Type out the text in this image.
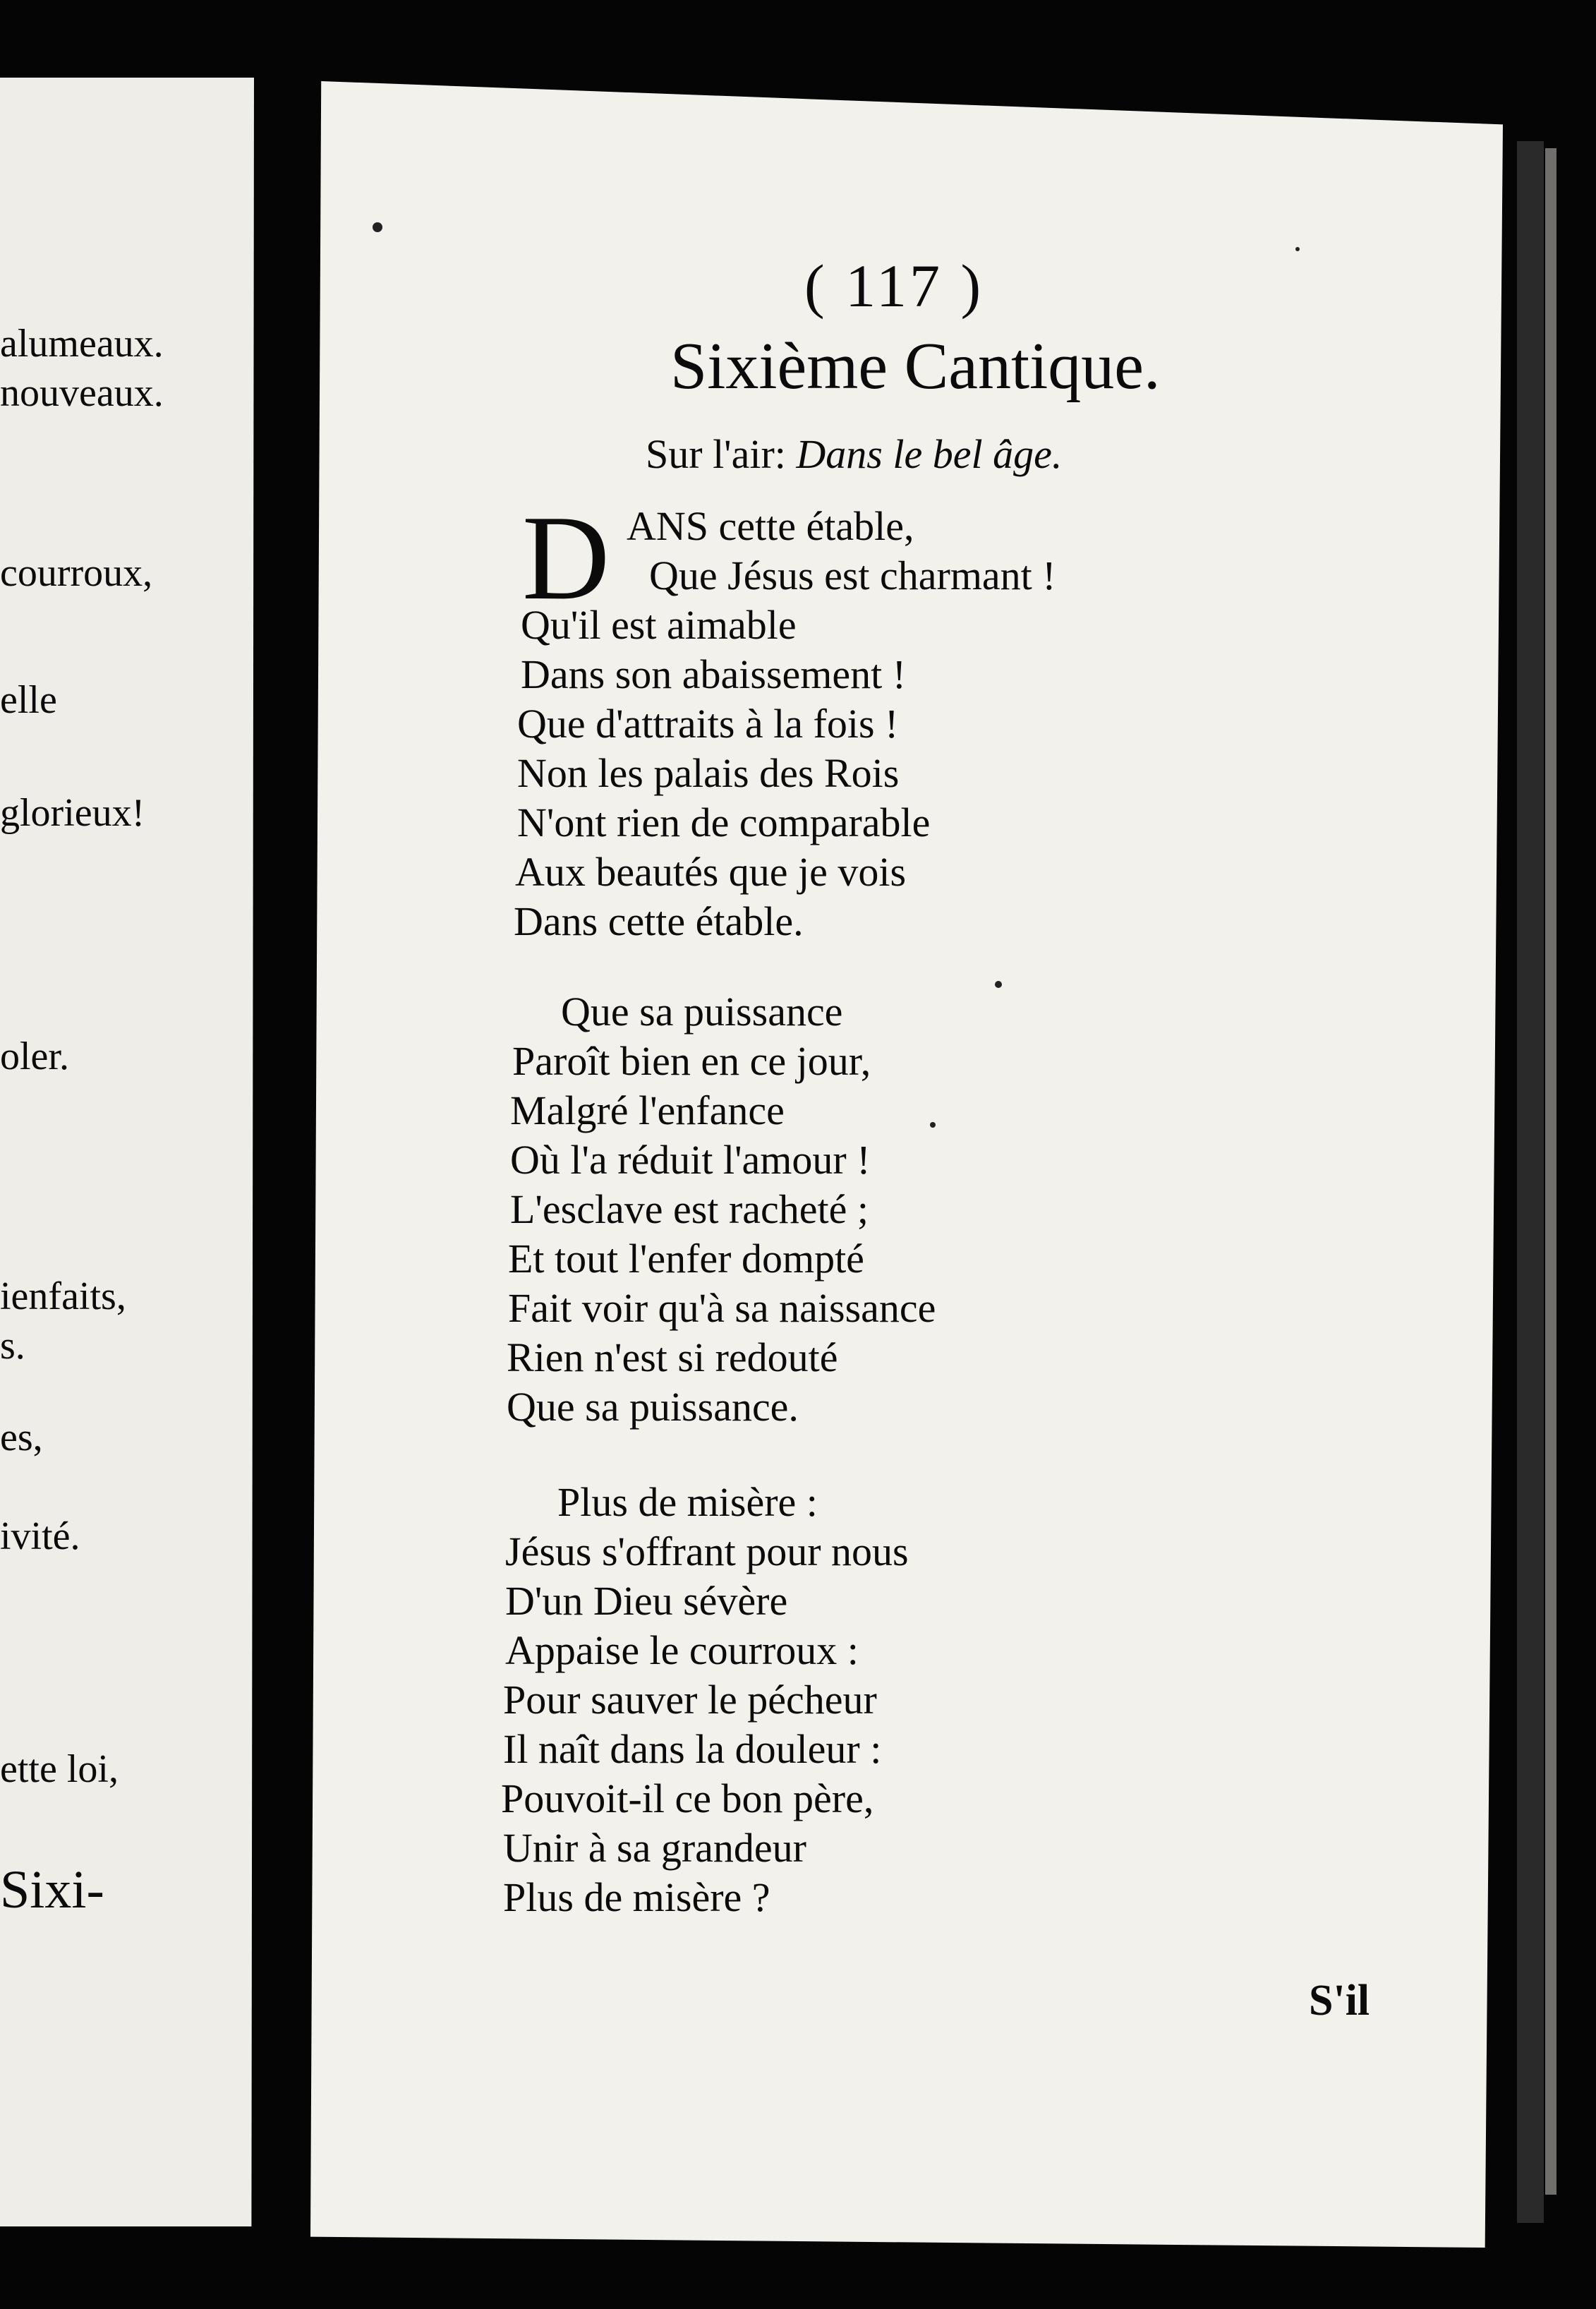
alumeaux.
nouveaux.
courroux,
elle
glorieux!
oler.
ienfaits,
s.
es,
ivité.
ette loi,
Sixi-
( 117 )
Sixième Cantique.
Sur l'air: Dans le bel âge.
D ANS cette étable,
Que Jésus est charmant !
Qu'il est aimable
Dans son abaissement !
Que d'attraits à la fois !
Non les palais des Rois
N'ont rien de comparable
Aux beautés que je vois
Dans cette étable.
Que sa puissance
Paroît bien en ce jour,
Malgré l'enfance
Où l'a réduit l'amour !
L'esclave est racheté ;
Et tout l'enfer dompté
Fait voir qu'à sa naissance
Rien n'est si redouté
Que sa puissance.
Plus de misère :
Jésus s'offrant pour nous
D'un Dieu sévère
Appaise le courroux :
Pour sauver le pécheur
Il naît dans la douleur :
Pouvoit-il ce bon père,
Unir à sa grandeur
Plus de misère ?
S'il
